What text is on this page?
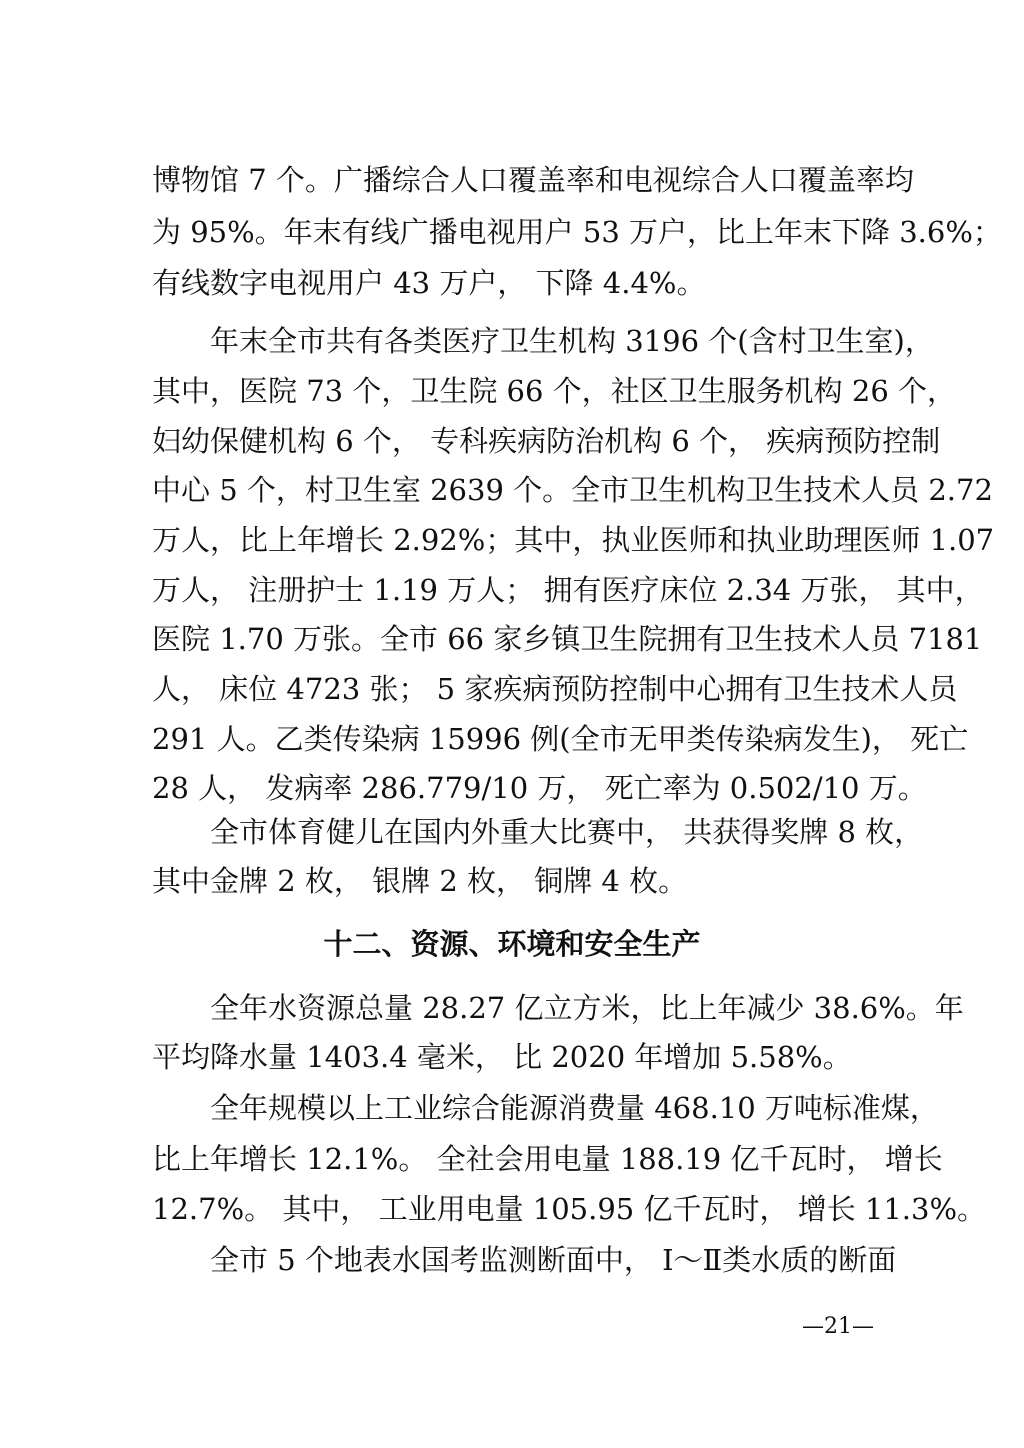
博物馆 7 个。广播综合人口覆盖率和电视综合人口覆盖率均
为 95%。年末有线广播电视用户 53 万户，比上年末下降 3.6%；
有线数字电视用户 43 万户， 下降 4.4%。
年末全市共有各类医疗卫生机构 3196 个(含村卫生室)，
其中，医院 73 个，卫生院 66 个，社区卫生服务机构 26 个，
妇幼保健机构 6 个， 专科疾病防治机构 6 个， 疾病预防控制
中心 5 个，村卫生室 2639 个。全市卫生机构卫生技术人员 2.72
万人，比上年增长 2.92%；其中，执业医师和执业助理医师 1.07
万人， 注册护士 1.19 万人； 拥有医疗床位 2.34 万张， 其中，
医院 1.70 万张。全市 66 家乡镇卫生院拥有卫生技术人员 7181
人， 床位 4723 张； 5 家疾病预防控制中心拥有卫生技术人员
291 人。乙类传染病 15996 例(全市无甲类传染病发生)， 死亡
28 人， 发病率 286.779/10 万， 死亡率为 0.502/10 万。
全市体育健儿在国内外重大比赛中， 共获得奖牌 8 枚，
其中金牌 2 枚， 银牌 2 枚， 铜牌 4 枚。
十二、资源、环境和安全生产
全年水资源总量 28.27 亿立方米，比上年减少 38.6%。年
平均降水量 1403.4 毫米， 比 2020 年增加 5.58%。
全年规模以上工业综合能源消费量 468.10 万吨标准煤，
比上年增长 12.1%。 全社会用电量 188.19 亿千瓦时， 增长
12.7%。 其中， 工业用电量 105.95 亿千瓦时， 增长 11.3%。
全市 5 个地表水国考监测断面中， Ⅰ～Ⅱ类水质的断面
—21—
